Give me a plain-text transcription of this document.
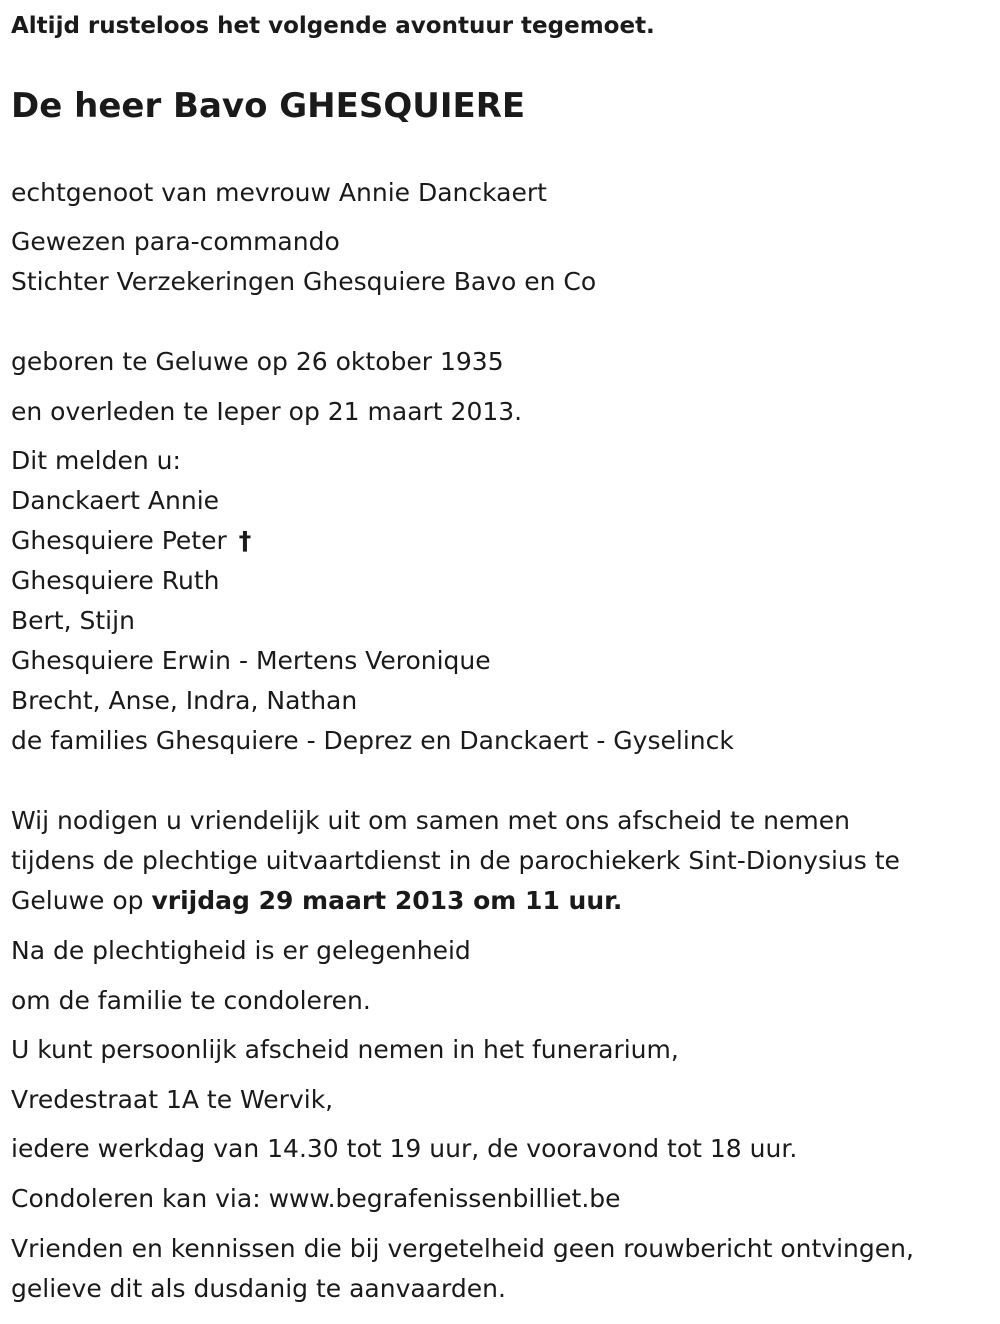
Altijd rusteloos het volgende avontuur tegemoet.
De heer Bavo GHESQUIERE
echtgenoot van mevrouw Annie Danckaert
Gewezen para-commando
Stichter Verzekeringen Ghesquiere Bavo en Co
geboren te Geluwe op 26 oktober 1935
en overleden te Ieper op 21 maart 2013.
Dit melden u:
Danckaert Annie
Ghesquiere Peter †
Ghesquiere Ruth
Bert, Stijn
Ghesquiere Erwin - Mertens Veronique
Brecht, Anse, Indra, Nathan
de families Ghesquiere - Deprez en Danckaert - Gyselinck
Wij nodigen u vriendelijk uit om samen met ons afscheid te nemen
tijdens de plechtige uitvaartdienst in de parochiekerk Sint-Dionysius te
Geluwe op vrijdag 29 maart 2013 om 11 uur.
Na de plechtigheid is er gelegenheid
om de familie te condoleren.
U kunt persoonlijk afscheid nemen in het funerarium,
Vredestraat 1A te Wervik,
iedere werkdag van 14.30 tot 19 uur, de vooravond tot 18 uur.
Condoleren kan via: www.begrafenissenbilliet.be
Vrienden en kennissen die bij vergetelheid geen rouwbericht ontvingen,
gelieve dit als dusdanig te aanvaarden.
